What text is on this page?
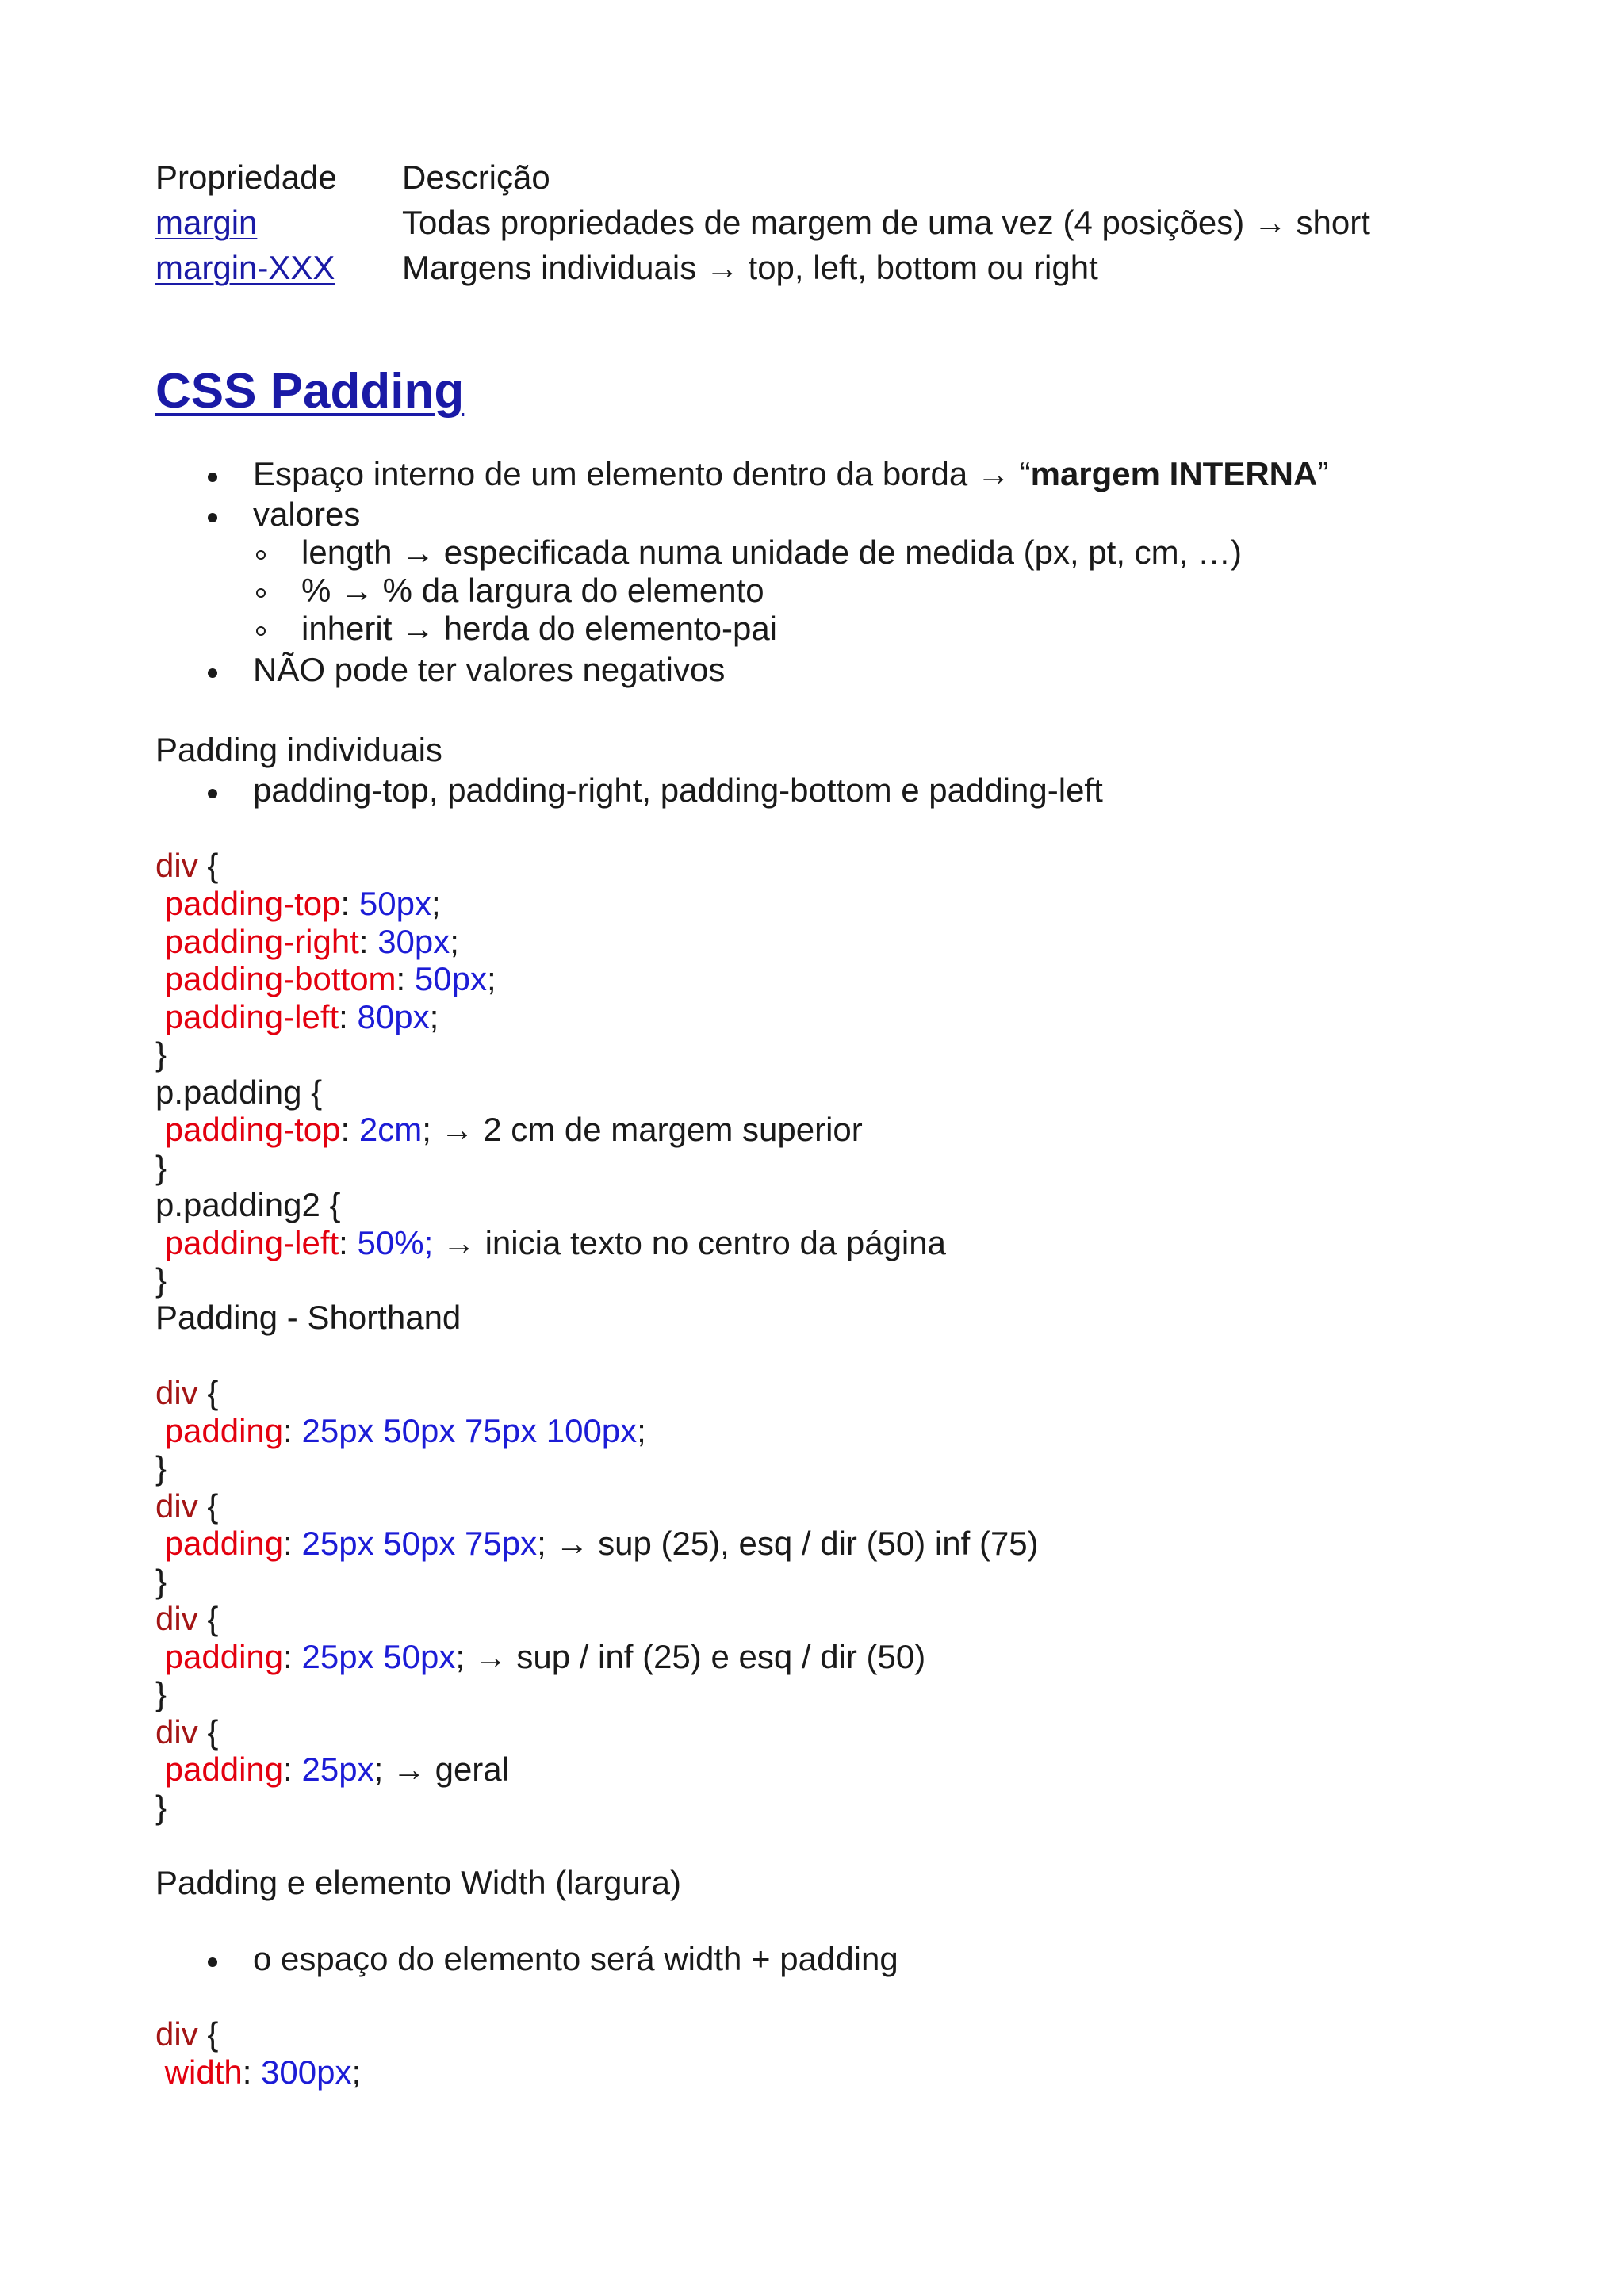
Propriedade Descrição
margin	Todas propriedades de margem de uma vez (4 posições) → short
margin-XXX Margens individuais → top, left, bottom ou right
CSS Padding
Espaço interno de um elemento dentro da borda → “margem INTERNA”
valores
length → especificada numa unidade de medida (px, pt, cm, …)
% → % da largura do elemento
inherit → herda do elemento-pai
NÃO pode ter valores negativos
Padding individuais
padding-top, padding-right, padding-bottom e padding-left
div {
padding-top: 50px;
padding-right: 30px;
padding-bottom: 50px;
padding-left: 80px;
}
p.padding {
padding-top: 2cm; → 2 cm de margem superior
}
p.padding2 {
padding-left: 50%; → inicia texto no centro da página
}
Padding - Shorthand
div {
padding: 25px 50px 75px 100px;
}
div {
padding: 25px 50px 75px; → sup (25), esq / dir (50) inf (75)
}
div {
padding: 25px 50px; → sup / inf (25) e esq / dir (50)
}
div {
padding: 25px; → geral
}
Padding e elemento Width (largura)
o espaço do elemento será width + padding
div {
width: 300px;
